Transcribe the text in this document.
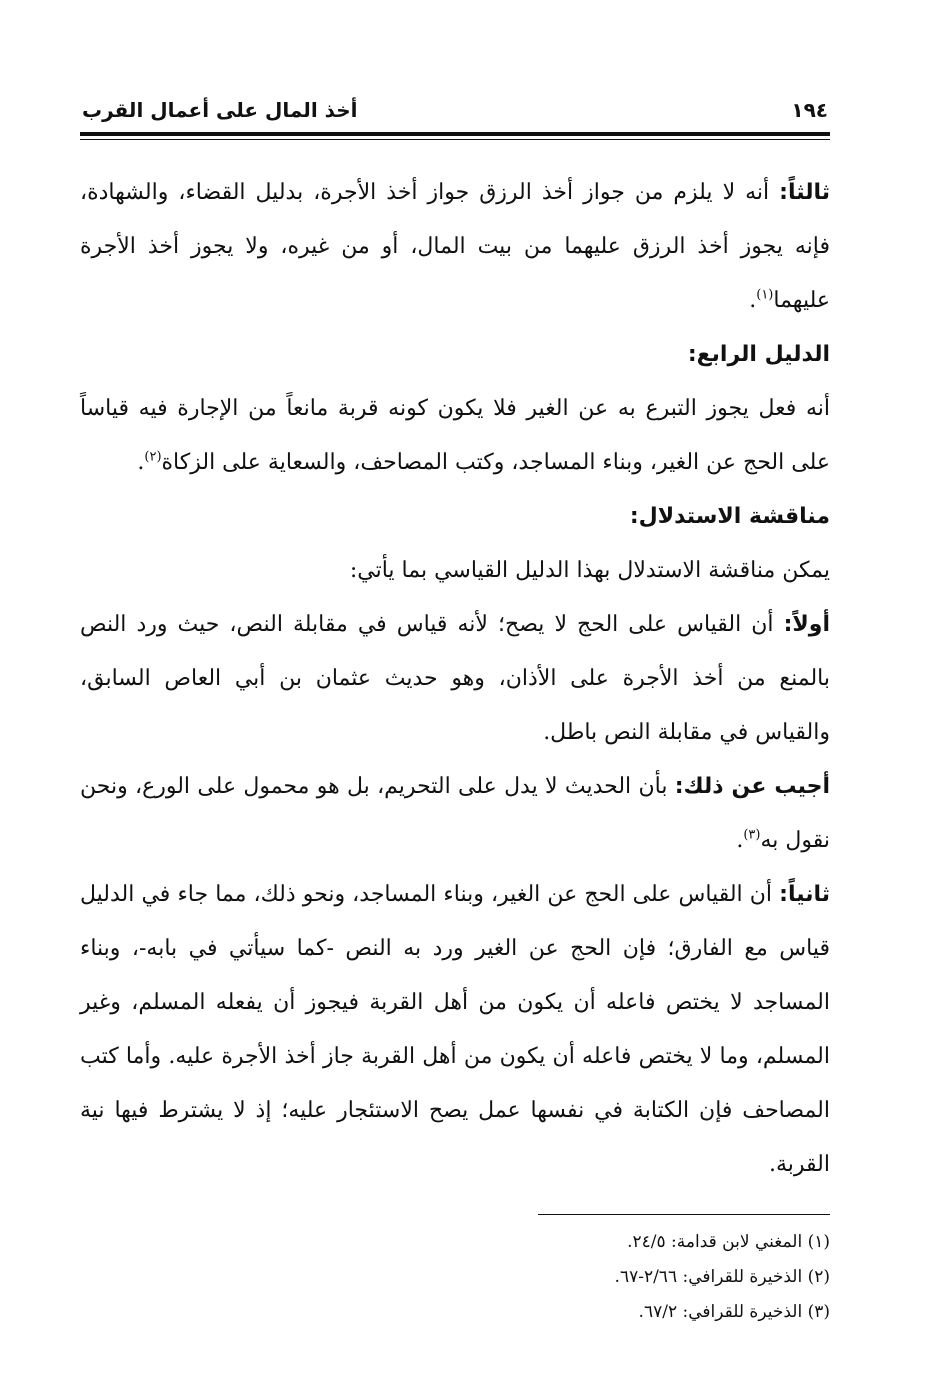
١٩٤
أخذ المال على أعمال القرب

ثالثاً: أنه لا يلزم من جواز أخذ الرزق جواز أخذ الأجرة، بدليل القضاء، والشهادة، فإنه يجوز أخذ الرزق عليهما من بيت المال، أو من غيره، ولا يجوز أخذ الأجرة عليهما$^{(١)}$.

الدليل الرابع:

أنه فعل يجوز التبرع به عن الغير فلا يكون كونه قربة مانعاً من الإجارة فيه قياساً على الحج عن الغير، وبناء المساجد، وكتب المصاحف، والسعاية على الزكاة$^{(٢)}$.

مناقشة الاستدلال:

يمكن مناقشة الاستدلال بهذا الدليل القياسي بما يأتي:

أولاً: أن القياس على الحج لا يصح؛ لأنه قياس في مقابلة النص، حيث ورد النص بالمنع من أخذ الأجرة على الأذان، وهو حديث عثمان بن أبي العاص السابق، والقياس في مقابلة النص باطل.

أجيب عن ذلك: بأن الحديث لا يدل على التحريم، بل هو محمول على الورع، ونحن نقول به$^{(٣)}$.

ثانياً: أن القياس على الحج عن الغير، وبناء المساجد، ونحو ذلك، مما جاء في الدليل قياس مع الفارق؛ فإن الحج عن الغير ورد به النص -كما سيأتي في بابه-، وبناء المساجد لا يختص فاعله أن يكون من أهل القربة فيجوز أن يفعله المسلم، وغير المسلم، وما لا يختص فاعله أن يكون من أهل القربة جاز أخذ الأجرة عليه. وأما كتب المصاحف فإن الكتابة في نفسها عمل يصح الاستئجار عليه؛ إذ لا يشترط فيها نية القربة.

(١) المغني لابن قدامة: ٢٤/٥.

(٢) الذخيرة للقرافي: ٢/٦٦-٦٧.

(٣) الذخيرة للقرافي: ٦٧/٢.
